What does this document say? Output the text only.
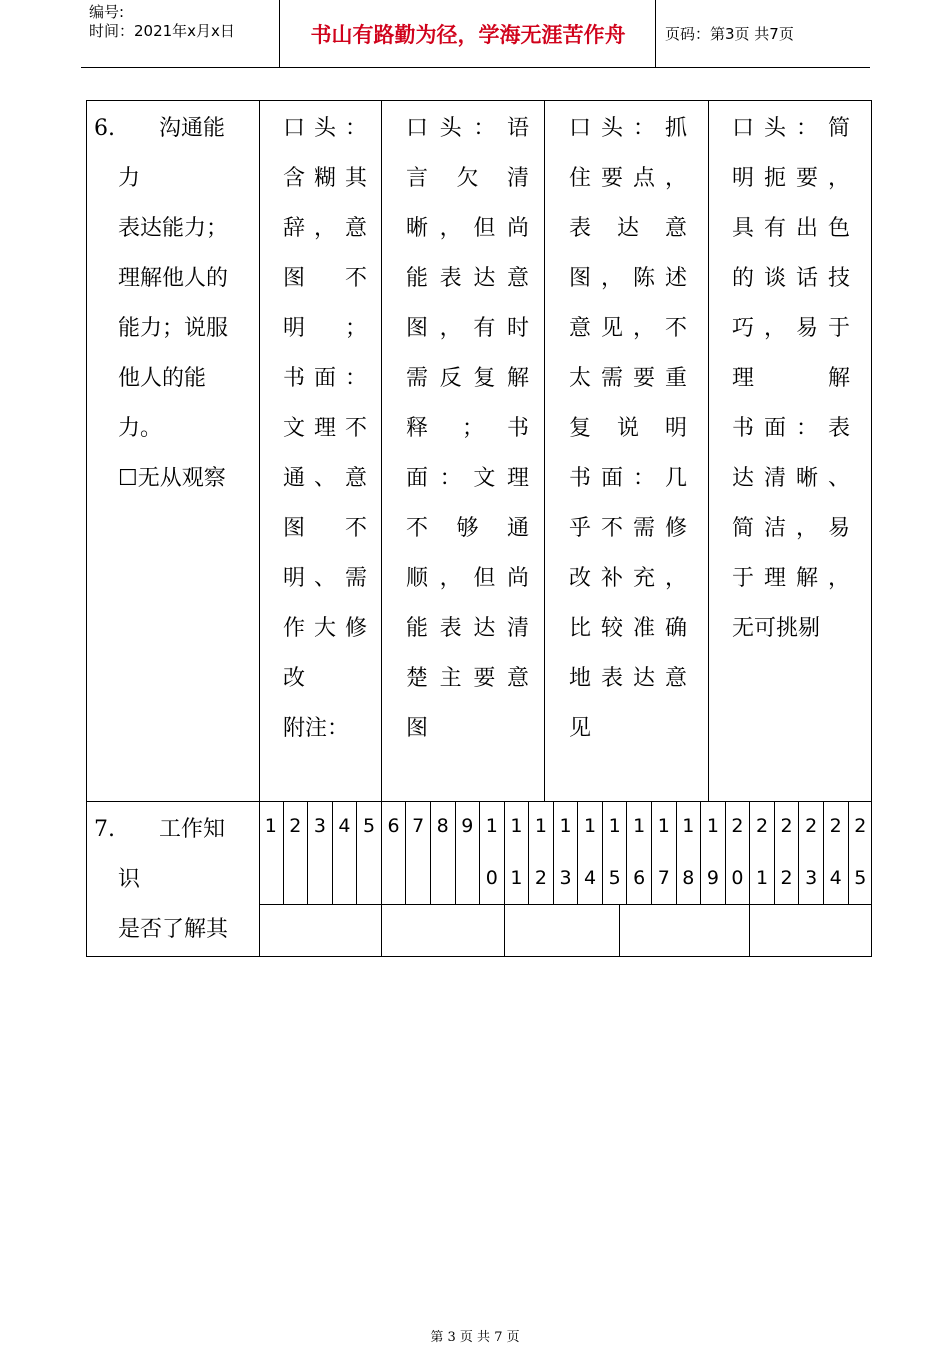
编号:
时间：2021年x月x日	书山有路勤为径，学海无涯苦作舟	页码：第3页 共7页
6.　　沟通能
力
表达能力；
理解他人的
能力；说服
他人的能
力。
☐无从观察
口头：
含糊其
辞，意
图　不
明；
书面：
文理不
通、意
图　不
明、需
作大修
改
附注：
口头：语
言　欠　清
晰，但尚
能表达意
图，有时
需反复解
释　；　书
面：文理
不　够　通
顺，但尚
能表达清
楚主要意
图
口头：抓
住要点，
表　达　意
图，陈述
意见，不
太需要重
复说明
书面：几
乎不需修
改补充，
比较准确
地表达意
见
口头：简
明扼要，
具有出色
的谈话技
巧，易于
理解
书面：表
达清晰、
简洁，易
于理解，
无可挑剔
7.　　工作知
识
是否了解其
1 2 3 4 5 6 7 8 9 1
0
1
1
1
2
1
3
1
4
1
5
1
6
1
7
1
8
1
9
2
0
2
1
2
2
2
3
2
4
2
5
第 3 页 共 7 页
